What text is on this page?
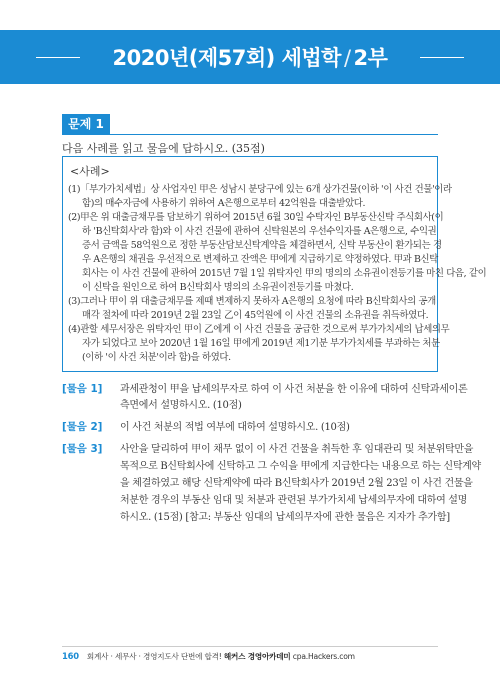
2020년(제57회) 세법학 / 2부
문제 1
다음 사례를 읽고 물음에 답하시오. (35점)
<사례>
(1)「부가가치세법」상 사업자인 甲은 성남시 분당구에 있는 6개 상가건물(이하 '이 사건 건물'이라
함)의 매수자금에 사용하기 위하여 A은행으로부터 42억원을 대출받았다.
(2)甲은 위 대출금채무를 담보하기 위하여 2015년 6월 30일 수탁자인 B부동산신탁 주식회사(이
하 'B신탁회사'라 함)와 이 사건 건물에 관하여 신탁원본의 우선수익자를 A은행으로, 수익권
증서 금액을 58억원으로 정한 부동산담보신탁계약을 체결하면서, 신탁 부동산이 환가되는 경
우 A은행의 채권을 우선적으로 변제하고 잔액은 甲에게 지급하기로 약정하였다. 甲과 B신탁
회사는 이 사건 건물에 관하여 2015년 7월 1일 위탁자인 甲의 명의의 소유권이전등기를 마친 다음, 같이
이 신탁을 원인으로 하여 B신탁회사 명의의 소유권이전등기를 마쳤다.
(3)그러나 甲이 위 대출금채무를 제때 변제하지 못하자 A은행의 요청에 따라 B신탁회사의 공개
매각 절차에 따라 2019년 2월 23일 乙이 45억원에 이 사건 건물의 소유권을 취득하였다.
(4)관할 세무서장은 위탁자인 甲이 乙에게 이 사건 건물을 공급한 것으로써 부가가치세의 납세의무
자가 되었다고 보아 2020년 1월 16일 甲에게 2019년 제1기분 부가가치세를 부과하는 처분
(이하 '이 사건 처분'이라 함)을 하였다.
[물음 1] 과세관청이 甲을 납세의무자로 하여 이 사건 처분을 한 이유에 대하여 신탁과세이론
측면에서 설명하시오. (10점)
[물음 2] 이 사건 처분의 적법 여부에 대하여 설명하시오. (10점)
[물음 3] 사안을 달리하여 甲이 채무 없이 이 사건 건물을 취득한 후 임대관리 및 처분위탁만을
목적으로 B신탁회사에 신탁하고 그 수익을 甲에게 지급한다는 내용으로 하는 신탁계약
을 체결하였고 해당 신탁계약에 따라 B신탁회사가 2019년 2월 23일 이 사건 건물을
처분한 경우의 부동산 임대 및 처분과 관련된 부가가치세 납세의무자에 대하여 설명
하시오. (15점) [참고: 부동산 임대의 납세의무자에 관한 물음은 지자가 추가함]
160 회계사 · 세무사 · 경영지도사 단번에 합격! 해커스 경영아카데미 cpa.Hackers.com
